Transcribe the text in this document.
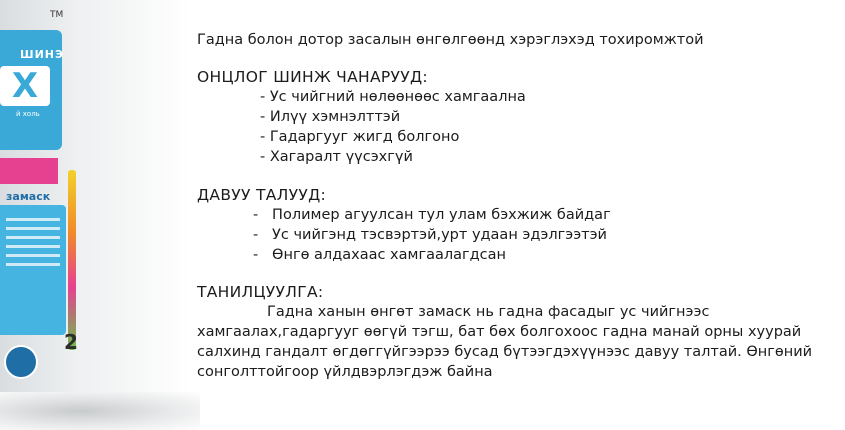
TM
ШИНЭ
X
й холь
замаск
2

Гадна болон дотор засалын өнгөлгөөнд хэрэглэхэд тохиромжтой

ОНЦЛОГ ШИНЖ ЧАНАРУУД:

- Ус чийгний нөлөөнөөс хамгаална
- Илүү хэмнэлттэй
- Гадаргууг жигд болгоно
- Хагаралт үүсэхгүй

ДАВУУ ТАЛУУД:

-   Полимер агуулсан тул улам бэхжиж байдаг
-   Ус чийгэнд тэсвэртэй,урт удаан эдэлгээтэй
-   Өнгө алдахаас хамгаалагдсан

ТАНИЛЦУУЛГА:

Гадна ханын өнгөт замаск нь гадна фасадыг ус чийгнээс
хамгаалах,гадаргууг өөгүй тэгш, бат бөх болгохоос гадна манай орны хуурай
салхинд гандалт өгдөггүйгээрээ бусад бүтээгдэхүүнээс давуу талтай. Өнгөний
сонголттойгоор үйлдвэрлэгдэж байна
